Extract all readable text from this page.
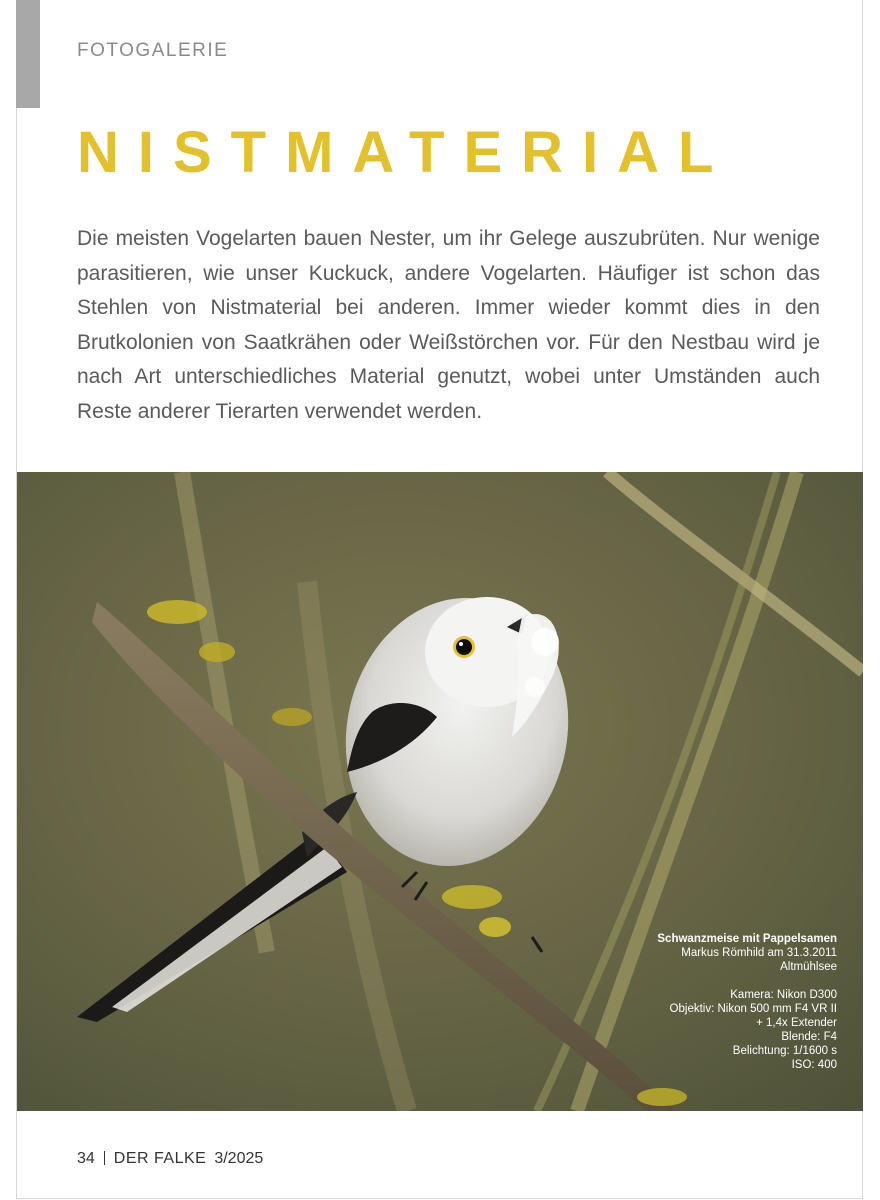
FOTOGALERIE
NISTMATERIAL
Die meisten Vogelarten bauen Nester, um ihr Gelege auszubrüten. Nur wenige parasitieren, wie unser Kuckuck, andere Vogelarten. Häufiger ist schon das Stehlen von Nistmaterial bei anderen. Immer wieder kommt dies in den Brutkolonien von Saatkrähen oder Weißstörchen vor. Für den Nestbau wird je nach Art unterschiedliches Material genutzt, wobei unter Umständen auch Reste anderer Tierarten verwendet werden.
Schwanzmeise mit Pappelsamen
Markus Römhild am 31.3.2011
Altmühlsee
Kamera: Nikon D300
Objektiv: Nikon 500 mm F4 VR II
+ 1,4x Extender
Blende: F4
Belichtung: 1/1600 s
ISO: 400
34 DER FALKE 3/2025
